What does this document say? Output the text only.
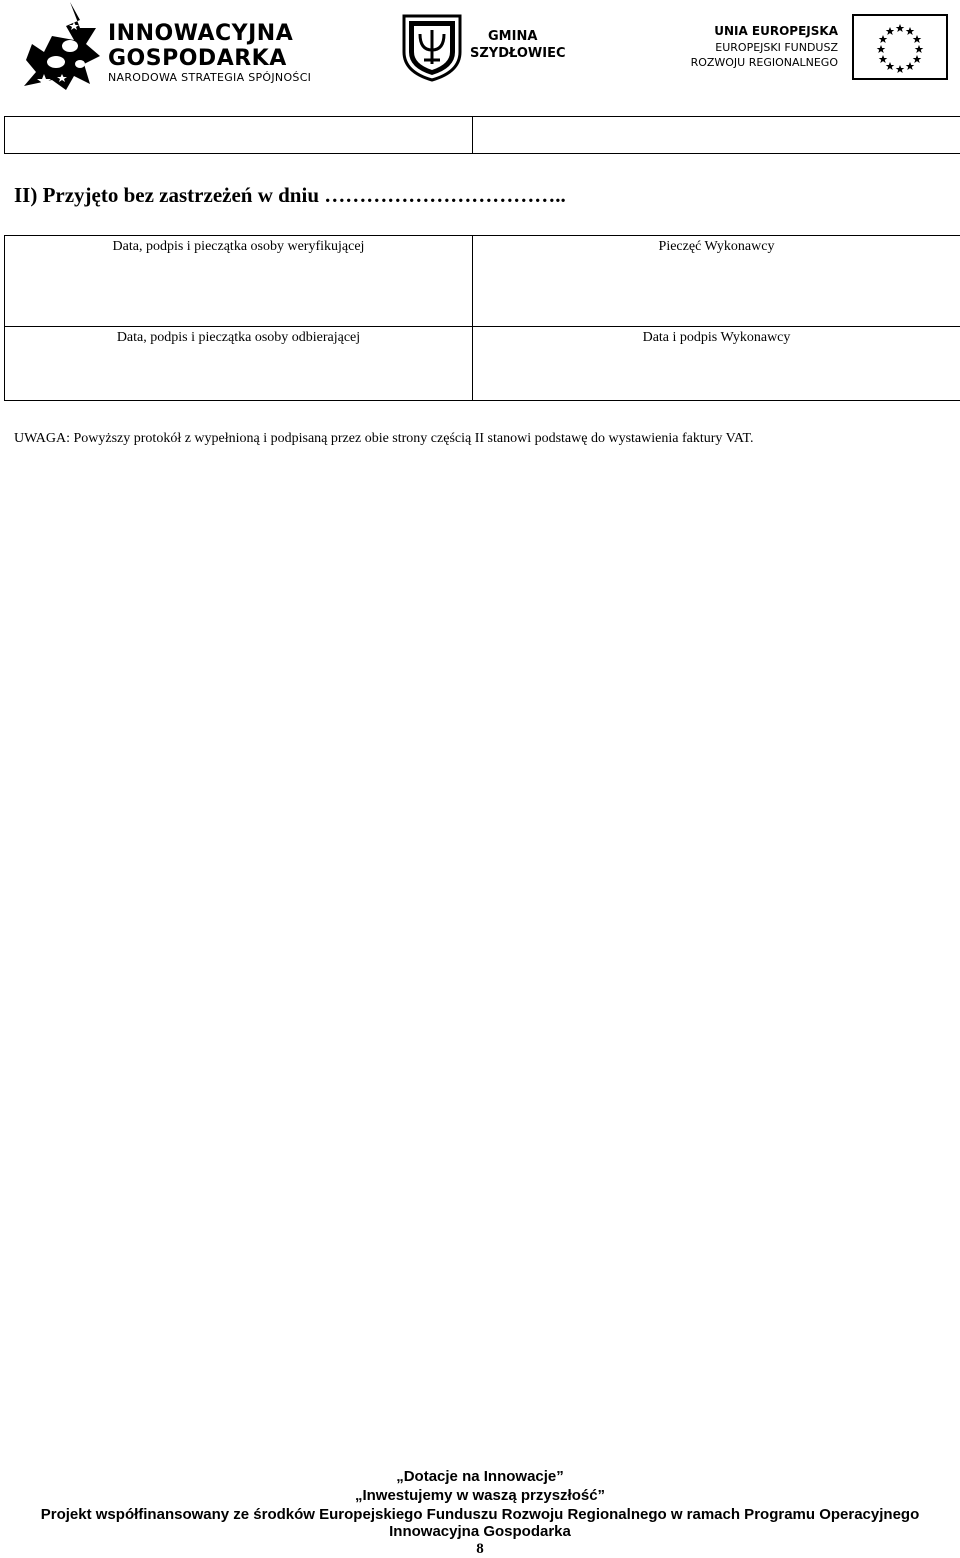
INNOWACYJNA
GOSPODARKA
NARODOWA STRATEGIA SPÓJNOŚCI
GMINA
SZYDŁOWIEC
UNIA EUROPEJSKA
EUROPEJSKI FUNDUSZ
ROZWOJU REGIONALNEGO

II) Przyjęto bez zastrzeżeń w dniu ……………………………..
Data, podpis i pieczątka osoby weryfikującej	Pieczęć Wykonawcy

Data, podpis i pieczątka osoby odbierającej	Data i podpis Wykonawcy
UWAGA: Powyższy protokół z wypełnioną i podpisaną przez obie strony częścią II stanowi podstawę do wystawienia faktury VAT.
„Dotacje na Innowacje”
„Inwestujemy w waszą przyszłość”
Projekt współfinansowany ze środków Europejskiego Funduszu Rozwoju Regionalnego w ramach Programu Operacyjnego
Innowacyjna Gospodarka
8
